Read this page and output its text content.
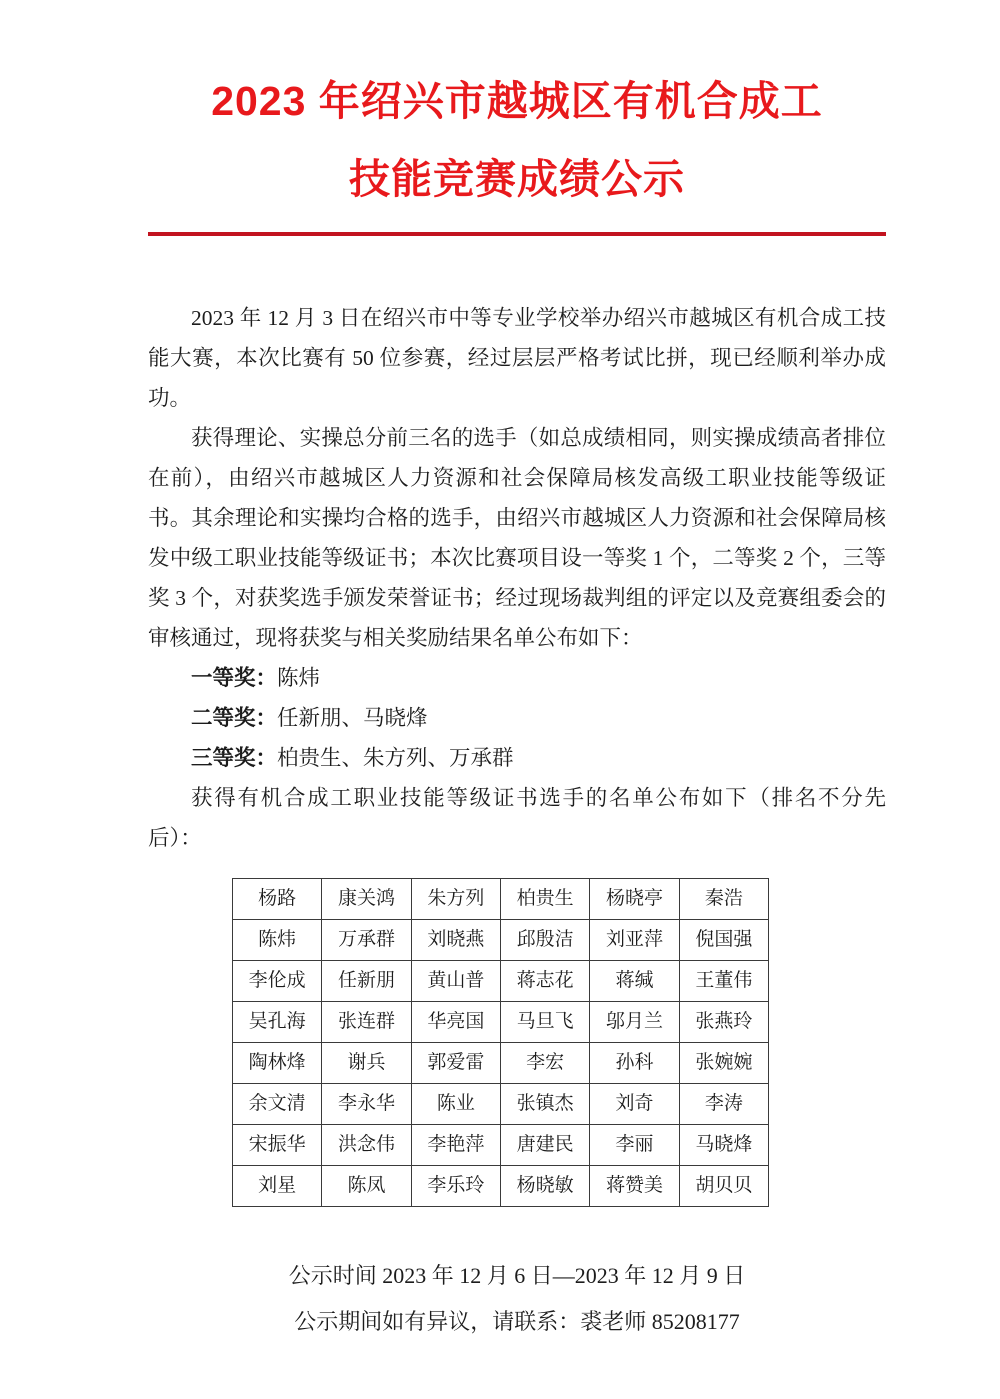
2023 年绍兴市越城区有机合成工
技能竞赛成绩公示

2023 年 12 月 3 日在绍兴市中等专业学校举办绍兴市越城区有机合成工技能大赛，本次比赛有 50 位参赛，经过层层严格考试比拼，现已经顺利举办成功。

获得理论、实操总分前三名的选手（如总成绩相同，则实操成绩高者排位在前），由绍兴市越城区人力资源和社会保障局核发高级工职业技能等级证书。其余理论和实操均合格的选手，由绍兴市越城区人力资源和社会保障局核发中级工职业技能等级证书；本次比赛项目设一等奖 1 个，二等奖 2 个，三等奖 3 个，对获奖选手颁发荣誉证书；经过现场裁判组的评定以及竞赛组委会的审核通过，现将获奖与相关奖励结果名单公布如下：

一等奖：陈炜
二等奖：任新朋、马晓烽
三等奖：柏贵生、朱方列、万承群

获得有机合成工职业技能等级证书选手的名单公布如下（排名不分先后）：

杨路	康关鸿	朱方列	柏贵生	杨晓亭	秦浩
陈炜	万承群	刘晓燕	邱殷洁	刘亚萍	倪国强
李伦成	任新朋	黄山普	蒋志花	蒋缄	王董伟
吴孔海	张连群	华亮国	马旦飞	邬月兰	张燕玲
陶林烽	谢兵	郭爱雷	李宏	孙科	张婉婉
余文清	李永华	陈业	张镇杰	刘奇	李涛
宋振华	洪念伟	李艳萍	唐建民	李丽	马晓烽
刘星	陈凤	李乐玲	杨晓敏	蒋赞美	胡贝贝
公示时间 2023 年 12 月 6 日—2023 年 12 月 9 日
公示期间如有异议，请联系：裘老师 85208177
